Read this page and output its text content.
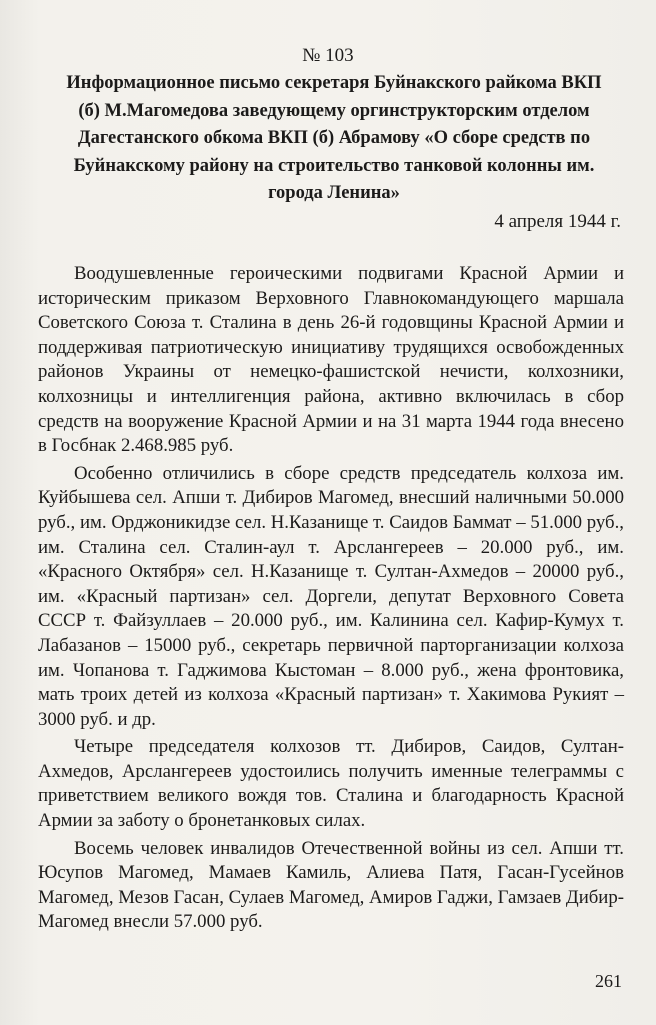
№ 103
Информационное письмо секретаря Буйнакского райкома ВКП (б) М.Магомедова заведующему оргинструкторским отделом Дагестанского обкома ВКП (б) Абрамову «О сборе средств по Буйнакскому району на строительство танковой колонны им. города Ленина»
4 апреля 1944 г.

Воодушевленные героическими подвигами Красной Армии и историческим приказом Верховного Главнокомандующего маршала Советского Союза т. Сталина в день 26-й годовщины Красной Армии и поддерживая патриотическую инициативу трудящихся освобожденных районов Украины от немецко-фашистской нечисти, колхозники, колхозницы и интеллигенция района, активно включилась в сбор средств на вооружение Красной Армии и на 31 марта 1944 года внесено в Госбнак 2.468.985 руб.

Особенно отличились в сборе средств председатель колхоза им. Куйбышева сел. Апши т. Дибиров Магомед, внесший наличными 50.000 руб., им. Орджоникидзе сел. Н.Казанище т. Саидов Баммат – 51.000 руб., им. Сталина сел. Сталин-аул т. Арслангереев – 20.000 руб., им. «Красного Октября» сел. Н.Казанище т. Султан-Ахмедов – 20000 руб., им. «Красный партизан» сел. Доргели, депутат Верховного Совета СССР т. Файзуллаев – 20.000 руб., им. Калинина сел. Кафир-Кумух т. Лабазанов – 15000 руб., секретарь первичной парторганизации колхоза им. Чопанова т. Гаджимова Кыстоман – 8.000 руб., жена фронтовика, мать троих детей из колхоза «Красный партизан» т. Хакимова Рукият – 3000 руб. и др.

Четыре председателя колхозов тт. Дибиров, Саидов, Султан-Ахмедов, Арслангереев удостоились получить именные телеграммы с приветствием великого вождя тов. Сталина и благодарность Красной Армии за заботу о бронетанковых силах.

Восемь человек инвалидов Отечественной войны из сел. Апши тт. Юсупов Магомед, Мамаев Камиль, Алиева Патя, Гасан-Гусейнов Магомед, Мезов Гасан, Сулаев Магомед, Амиров Гаджи, Гамзаев Дибир-Магомед внесли 57.000 руб.

261
